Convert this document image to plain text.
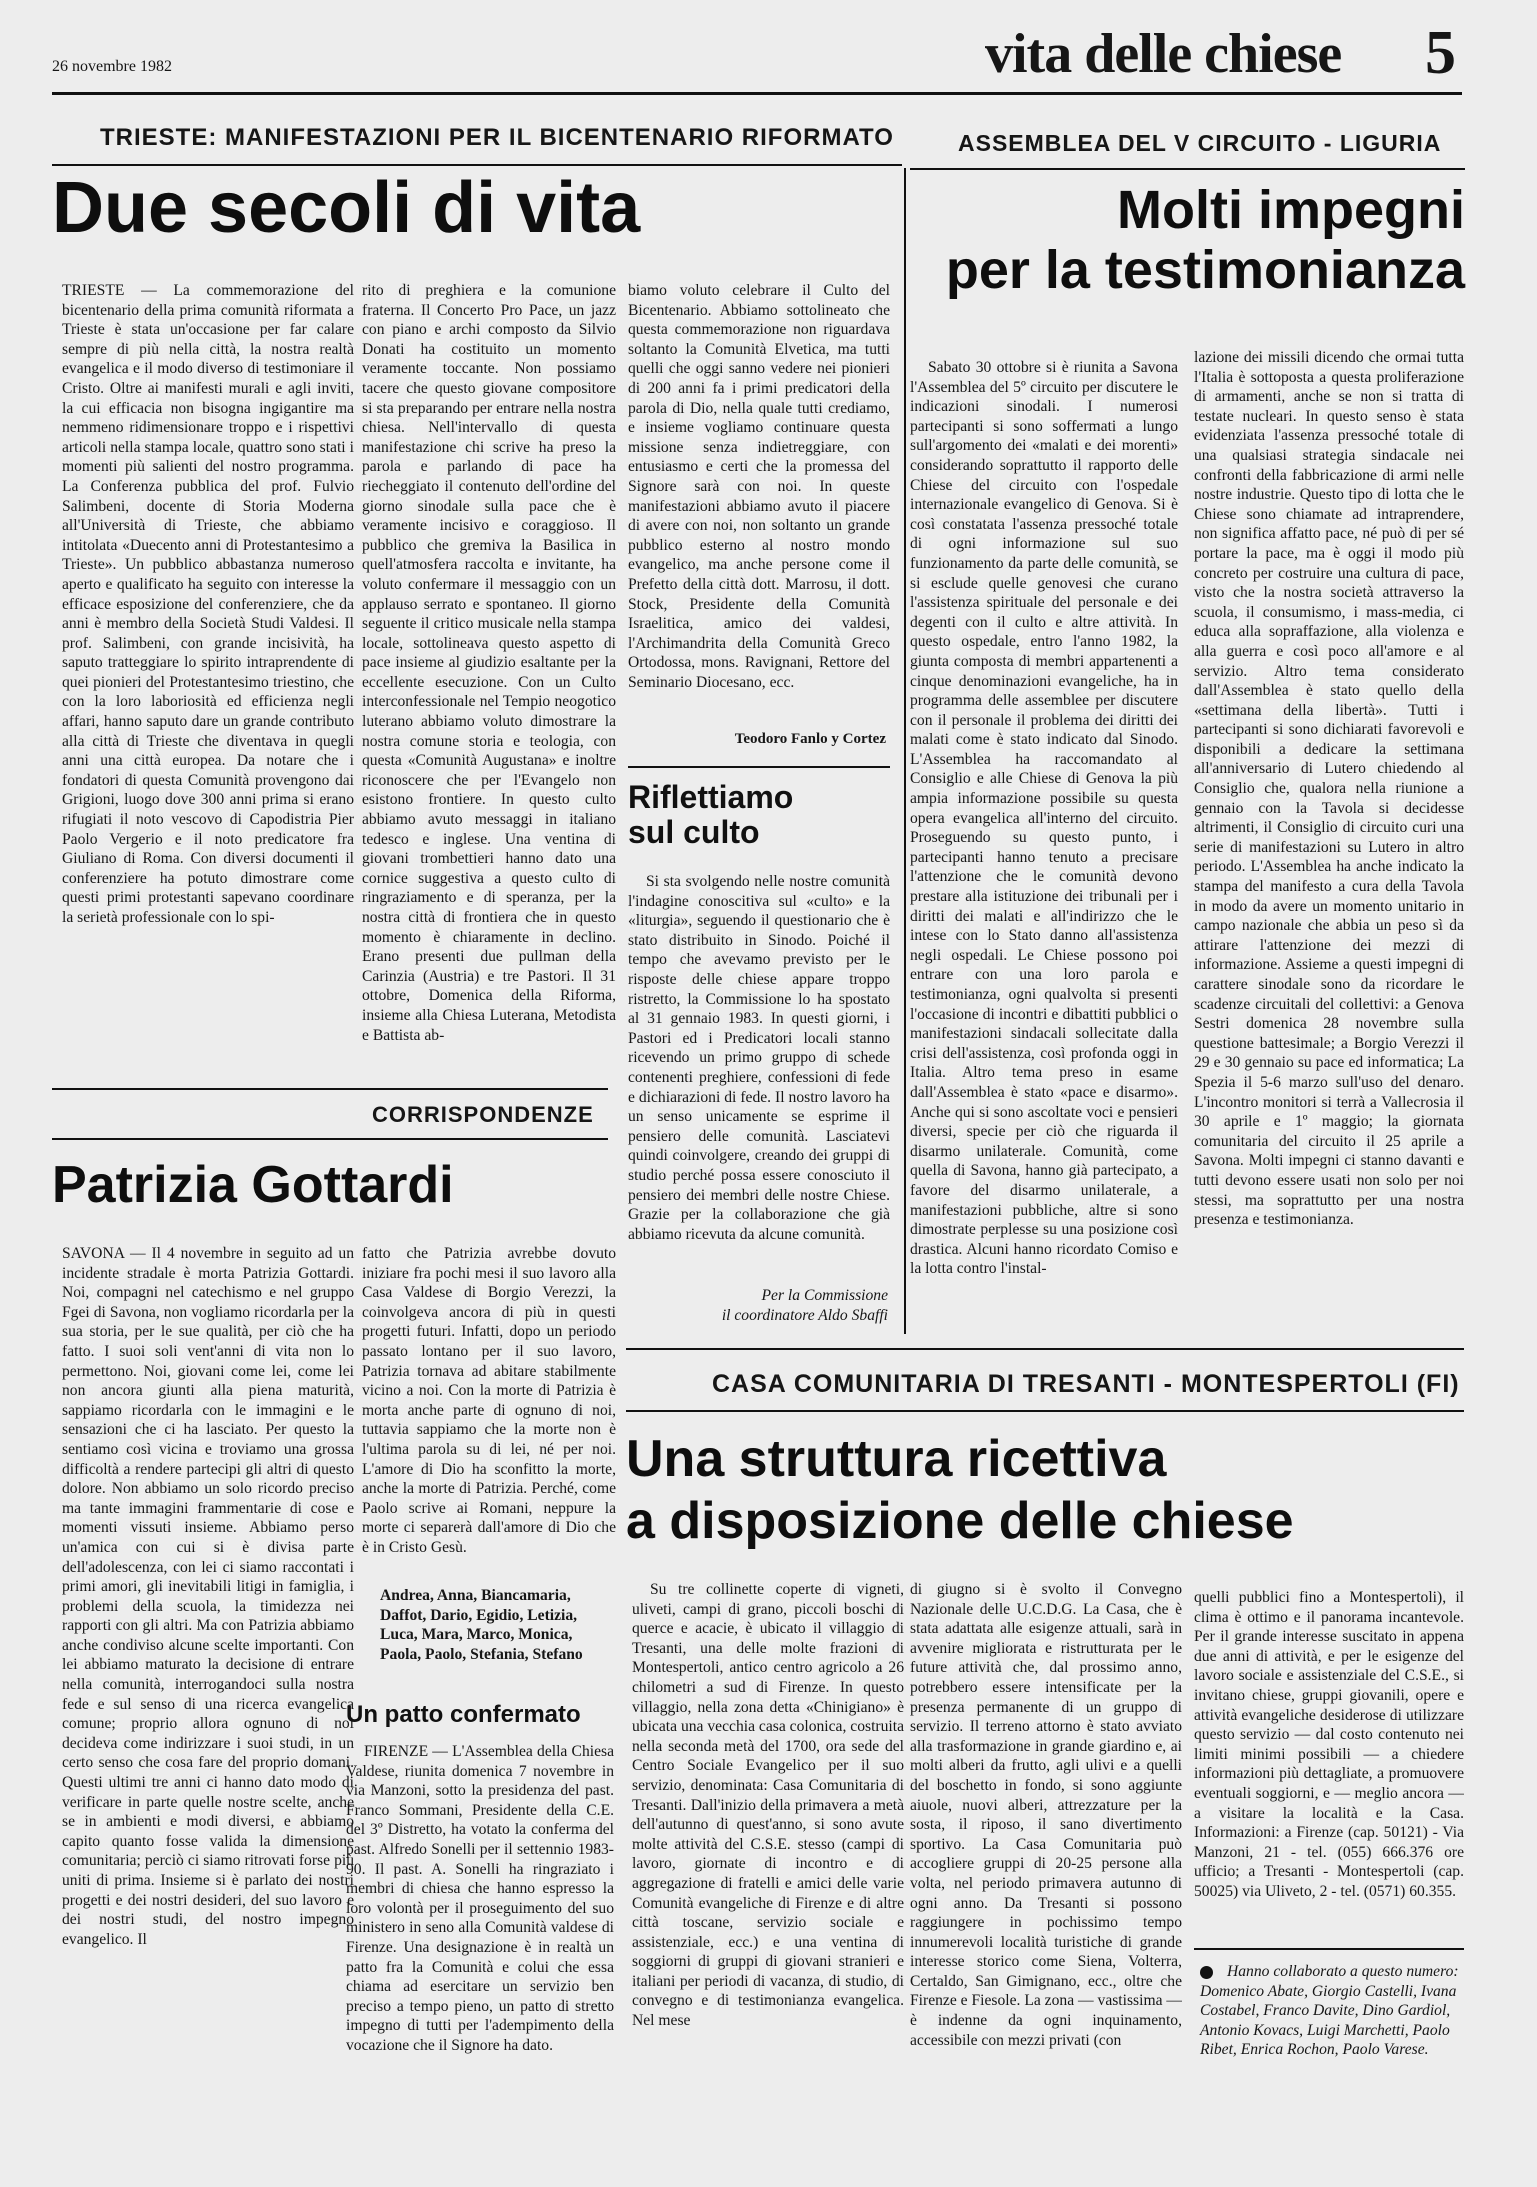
26 novembre 1982	vita delle chiese 5
TRIESTE: MANIFESTAZIONI PER IL BICENTENARIO RIFORMATO
Due secoli di vita
ASSEMBLEA DEL V CIRCUITO - LIGURIA
Molti impegni
per la testimonianza

TRIESTE — La commemorazione del bicentenario della prima comunità riformata a Trieste è stata un'occasione per far calare sempre di più nella città, la nostra realtà evangelica e il modo diverso di testimoniare il Cristo. Oltre ai manifesti murali e agli inviti, la cui efficacia non bisogna ingigantire ma nemmeno ridimensionare troppo e i rispettivi articoli nella stampa locale, quattro sono stati i momenti più salienti del nostro programma. La Conferenza pubblica del prof. Fulvio Salimbeni, docente di Storia Moderna all'Università di Trieste, che abbiamo intitolata «Duecento anni di Protestantesimo a Trieste». Un pubblico abbastanza numeroso aperto e qualificato ha seguito con interesse la efficace esposizione del conferenziere, che da anni è membro della Società Studi Valdesi. Il prof. Salimbeni, con grande incisività, ha saputo tratteggiare lo spirito intraprendente di quei pionieri del Protestantesimo triestino, che con la loro laboriosità ed efficienza negli affari, hanno saputo dare un grande contributo alla città di Trieste che diventava in quegli anni una città europea. Da notare che i fondatori di questa Comunità provengono dai Grigioni, luogo dove 300 anni prima si erano rifugiati il noto vescovo di Capodistria Pier Paolo Vergerio e il noto predicatore fra Giuliano di Roma. Con diversi documenti il conferenziere ha potuto dimostrare come questi primi protestanti sapevano coordinare la serietà professionale con lo spi-

rito di preghiera e la comunione fraterna. Il Concerto Pro Pace, un jazz con piano e archi composto da Silvio Donati ha costituito un momento veramente toccante. Non possiamo tacere che questo giovane compositore si sta preparando per entrare nella nostra chiesa. Nell'intervallo di questa manifestazione chi scrive ha preso la parola e parlando di pace ha riecheggiato il contenuto dell'ordine del giorno sinodale sulla pace che è veramente incisivo e coraggioso. Il pubblico che gremiva la Basilica in quell'atmosfera raccolta e invitante, ha voluto confermare il messaggio con un applauso serrato e spontaneo. Il giorno seguente il critico musicale nella stampa locale, sottolineava questo aspetto di pace insieme al giudizio esaltante per la eccellente esecuzione. Con un Culto interconfessionale nel Tempio neogotico luterano abbiamo voluto dimostrare la nostra comune storia e teologia, con questa «Comunità Augustana» e inoltre riconoscere che per l'Evangelo non esistono frontiere. In questo culto abbiamo avuto messaggi in italiano tedesco e inglese. Una ventina di giovani trombettieri hanno dato una cornice suggestiva a questo culto di ringraziamento e di speranza, per la nostra città di frontiera che in questo momento è chiaramente in declino. Erano presenti due pullman della Carinzia (Austria) e tre Pastori. Il 31 ottobre, Domenica della Riforma, insieme alla Chiesa Luterana, Metodista e Battista ab-

biamo voluto celebrare il Culto del Bicentenario. Abbiamo sottolineato che questa commemorazione non riguardava soltanto la Comunità Elvetica, ma tutti quelli che oggi sanno vedere nei pionieri di 200 anni fa i primi predicatori della parola di Dio, nella quale tutti crediamo, e insieme vogliamo continuare questa missione senza indietreggiare, con entusiasmo e certi che la promessa del Signore sarà con noi. In queste manifestazioni abbiamo avuto il piacere di avere con noi, non soltanto un grande pubblico esterno al nostro mondo evangelico, ma anche persone come il Prefetto della città dott. Marrosu, il dott. Stock, Presidente della Comunità Israelitica, amico dei valdesi, l'Archimandrita della Comunità Greco Ortodossa, mons. Ravignani, Rettore del Seminario Diocesano, ecc.

Teodoro Fanlo y Cortez
Riflettiamo
sul culto

Si sta svolgendo nelle nostre comunità l'indagine conoscitiva sul «culto» e la «liturgia», seguendo il questionario che è stato distribuito in Sinodo. Poiché il tempo che avevamo previsto per le risposte delle chiese appare troppo ristretto, la Commissione lo ha spostato al 31 gennaio 1983. In questi giorni, i Pastori ed i Predicatori locali stanno ricevendo un primo gruppo di schede contenenti preghiere, confessioni di fede e dichiarazioni di fede. Il nostro lavoro ha un senso unicamente se esprime il pensiero delle comunità. Lasciatevi quindi coinvolgere, creando dei gruppi di studio perché possa essere conosciuto il pensiero dei membri delle nostre Chiese. Grazie per la collaborazione che già abbiamo ricevuta da alcune comunità.

Per la Commissione
il coordinatore Aldo Sbaffi

Sabato 30 ottobre si è riunita a Savona l'Assemblea del 5º circuito per discutere le indicazioni sinodali. I numerosi partecipanti si sono soffermati a lungo sull'argomento dei «malati e dei morenti» considerando soprattutto il rapporto delle Chiese del circuito con l'ospedale internazionale evangelico di Genova. Si è così constatata l'assenza pressoché totale di ogni informazione sul suo funzionamento da parte delle comunità, se si esclude quelle genovesi che curano l'assistenza spirituale del personale e dei degenti con il culto e altre attività. In questo ospedale, entro l'anno 1982, la giunta composta di membri appartenenti a cinque denominazioni evangeliche, ha in programma delle assemblee per discutere con il personale il problema dei diritti dei malati come è stato indicato dal Sinodo. L'Assemblea ha raccomandato al Consiglio e alle Chiese di Genova la più ampia informazione possibile su questa opera evangelica all'interno del circuito. Proseguendo su questo punto, i partecipanti hanno tenuto a precisare l'attenzione che le comunità devono prestare alla istituzione dei tribunali per i diritti dei malati e all'indirizzo che le intese con lo Stato danno all'assistenza negli ospedali. Le Chiese possono poi entrare con una loro parola e testimonianza, ogni qualvolta si presenti l'occasione di incontri e dibattiti pubblici o manifestazioni sindacali sollecitate dalla crisi dell'assistenza, così profonda oggi in Italia. Altro tema preso in esame dall'Assemblea è stato «pace e disarmo». Anche qui si sono ascoltate voci e pensieri diversi, specie per ciò che riguarda il disarmo unilaterale. Comunità, come quella di Savona, hanno già partecipato, a favore del disarmo unilaterale, a manifestazioni pubbliche, altre si sono dimostrate perplesse su una posizione così drastica. Alcuni hanno ricordato Comiso e la lotta contro l'instal-

lazione dei missili dicendo che ormai tutta l'Italia è sottoposta a questa proliferazione di armamenti, anche se non si tratta di testate nucleari. In questo senso è stata evidenziata l'assenza pressoché totale di una qualsiasi strategia sindacale nei confronti della fabbricazione di armi nelle nostre industrie. Questo tipo di lotta che le Chiese sono chiamate ad intraprendere, non significa affatto pace, né può di per sé portare la pace, ma è oggi il modo più concreto per costruire una cultura di pace, visto che la nostra società attraverso la scuola, il consumismo, i mass-media, ci educa alla sopraffazione, alla violenza e alla guerra e così poco all'amore e al servizio. Altro tema considerato dall'Assemblea è stato quello della «settimana della libertà». Tutti i partecipanti si sono dichiarati favorevoli e disponibili a dedicare la settimana all'anniversario di Lutero chiedendo al Consiglio che, qualora nella riunione a gennaio con la Tavola si decidesse altrimenti, il Consiglio di circuito curi una serie di manifestazioni su Lutero in altro periodo. L'Assemblea ha anche indicato la stampa del manifesto a cura della Tavola in modo da avere un momento unitario in campo nazionale che abbia un peso sì da attirare l'attenzione dei mezzi di informazione. Assieme a questi impegni di carattere sinodale sono da ricordare le scadenze circuitali del collettivi: a Genova Sestri domenica 28 novembre sulla questione battesimale; a Borgio Verezzi il 29 e 30 gennaio su pace ed informatica; La Spezia il 5-6 marzo sull'uso del denaro. L'incontro monitori si terrà a Vallecrosia il 30 aprile e 1º maggio; la giornata comunitaria del circuito il 25 aprile a Savona. Molti impegni ci stanno davanti e tutti devono essere usati non solo per noi stessi, ma soprattutto per una nostra presenza e testimonianza.

CORRISPONDENZE
Patrizia Gottardi

SAVONA — Il 4 novembre in seguito ad un incidente stradale è morta Patrizia Gottardi. Noi, compagni nel catechismo e nel gruppo Fgei di Savona, non vogliamo ricordarla per la sua storia, per le sue qualità, per ciò che ha fatto. I suoi soli vent'anni di vita non lo permettono. Noi, giovani come lei, come lei non ancora giunti alla piena maturità, sappiamo ricordarla con le immagini e le sensazioni che ci ha lasciato. Per questo la sentiamo così vicina e troviamo una grossa difficoltà a rendere partecipi gli altri di questo dolore. Non abbiamo un solo ricordo preciso ma tante immagini frammentarie di cose e momenti vissuti insieme. Abbiamo perso un'amica con cui si è divisa parte dell'adolescenza, con lei ci siamo raccontati i primi amori, gli inevitabili litigi in famiglia, i problemi della scuola, la timidezza nei rapporti con gli altri. Ma con Patrizia abbiamo anche condiviso alcune scelte importanti. Con lei abbiamo maturato la decisione di entrare nella comunità, interrogandoci sulla nostra fede e sul senso di una ricerca evangelica comune; proprio allora ognuno di noi decideva come indirizzare i suoi studi, in un certo senso che cosa fare del proprio domani. Questi ultimi tre anni ci hanno dato modo di verificare in parte quelle nostre scelte, anche se in ambienti e modi diversi, e abbiamo capito quanto fosse valida la dimensione comunitaria; perciò ci siamo ritrovati forse più uniti di prima. Insieme si è parlato dei nostri progetti e dei nostri desideri, del suo lavoro e dei nostri studi, del nostro impegno evangelico. Il

fatto che Patrizia avrebbe dovuto iniziare fra pochi mesi il suo lavoro alla Casa Valdese di Borgio Verezzi, la coinvolgeva ancora di più in questi progetti futuri. Infatti, dopo un periodo passato lontano per il suo lavoro, Patrizia tornava ad abitare stabilmente vicino a noi. Con la morte di Patrizia è morta anche parte di ognuno di noi, tuttavia sappiamo che la morte non è l'ultima parola su di lei, né per noi. L'amore di Dio ha sconfitto la morte, anche la morte di Patrizia. Perché, come Paolo scrive ai Romani, neppure la morte ci separerà dall'amore di Dio che è in Cristo Gesù.

Andrea, Anna, Biancamaria, Daffot, Dario, Egidio, Letizia, Luca, Mara, Marco, Monica, Paola, Paolo, Stefania, Stefano
Un patto confermato

FIRENZE — L'Assemblea della Chiesa Valdese, riunita domenica 7 novembre in via Manzoni, sotto la presidenza del past. Franco Sommani, Presidente della C.E. del 3º Distretto, ha votato la conferma del past. Alfredo Sonelli per il settennio 1983-90. Il past. A. Sonelli ha ringraziato i membri di chiesa che hanno espresso la loro volontà per il proseguimento del suo ministero in seno alla Comunità valdese di Firenze. Una designazione è in realtà un patto fra la Comunità e colui che essa chiama ad esercitare un servizio ben preciso a tempo pieno, un patto di stretto impegno di tutti per l'adempimento della vocazione che il Signore ha dato.

CASA COMUNITARIA DI TRESANTI - MONTESPERTOLI (FI)
Una struttura ricettiva
a disposizione delle chiese

Su tre collinette coperte di vigneti, uliveti, campi di grano, piccoli boschi di querce e acacie, è ubicato il villaggio di Tresanti, una delle molte frazioni di Montespertoli, antico centro agricolo a 26 chilometri a sud di Firenze. In questo villaggio, nella zona detta «Chinigiano» è ubicata una vecchia casa colonica, costruita nella seconda metà del 1700, ora sede del Centro Sociale Evangelico per il suo servizio, denominata: Casa Comunitaria di Tresanti. Dall'inizio della primavera a metà dell'autunno di quest'anno, si sono avute molte attività del C.S.E. stesso (campi di lavoro, giornate di incontro e di aggregazione di fratelli e amici delle varie Comunità evangeliche di Firenze e di altre città toscane, servizio sociale e assistenziale, ecc.) e una ventina di soggiorni di gruppi di giovani stranieri e italiani per periodi di vacanza, di studio, di convegno e di testimonianza evangelica. Nel mese

di giugno si è svolto il Convegno Nazionale delle U.C.D.G. La Casa, che è stata adattata alle esigenze attuali, sarà in avvenire migliorata e ristrutturata per le future attività che, dal prossimo anno, potrebbero essere intensificate per la presenza permanente di un gruppo di servizio. Il terreno attorno è stato avviato alla trasformazione in grande giardino e, ai molti alberi da frutto, agli ulivi e a quelli del boschetto in fondo, si sono aggiunte aiuole, nuovi alberi, attrezzature per la sosta, il riposo, il sano divertimento sportivo. La Casa Comunitaria può accogliere gruppi di 20-25 persone alla volta, nel periodo primavera autunno di ogni anno. Da Tresanti si possono raggiungere in pochissimo tempo innumerevoli località turistiche di grande interesse storico come Siena, Volterra, Certaldo, San Gimignano, ecc., oltre che Firenze e Fiesole. La zona — vastissima — è indenne da ogni inquinamento, accessibile con mezzi privati (con

quelli pubblici fino a Montespertoli), il clima è ottimo e il panorama incantevole. Per il grande interesse suscitato in appena due anni di attività, e per le esigenze del lavoro sociale e assistenziale del C.S.E., si invitano chiese, gruppi giovanili, opere e attività evangeliche desiderose di utilizzare questo servizio — dal costo contenuto nei limiti minimi possibili — a chiedere informazioni più dettagliate, a promuovere eventuali soggiorni, e — meglio ancora — a visitare la località e la Casa. Informazioni: a Firenze (cap. 50121) - Via Manzoni, 21 - tel. (055) 666.376 ore ufficio; a Tresanti - Montespertoli (cap. 50025) via Uliveto, 2 - tel. (0571) 60.355.

Hanno collaborato a questo numero: Domenico Abate, Giorgio Castelli, Ivana Costabel, Franco Davite, Dino Gardiol, Antonio Kovacs, Luigi Marchetti, Paolo Ribet, Enrica Rochon, Paolo Varese.
